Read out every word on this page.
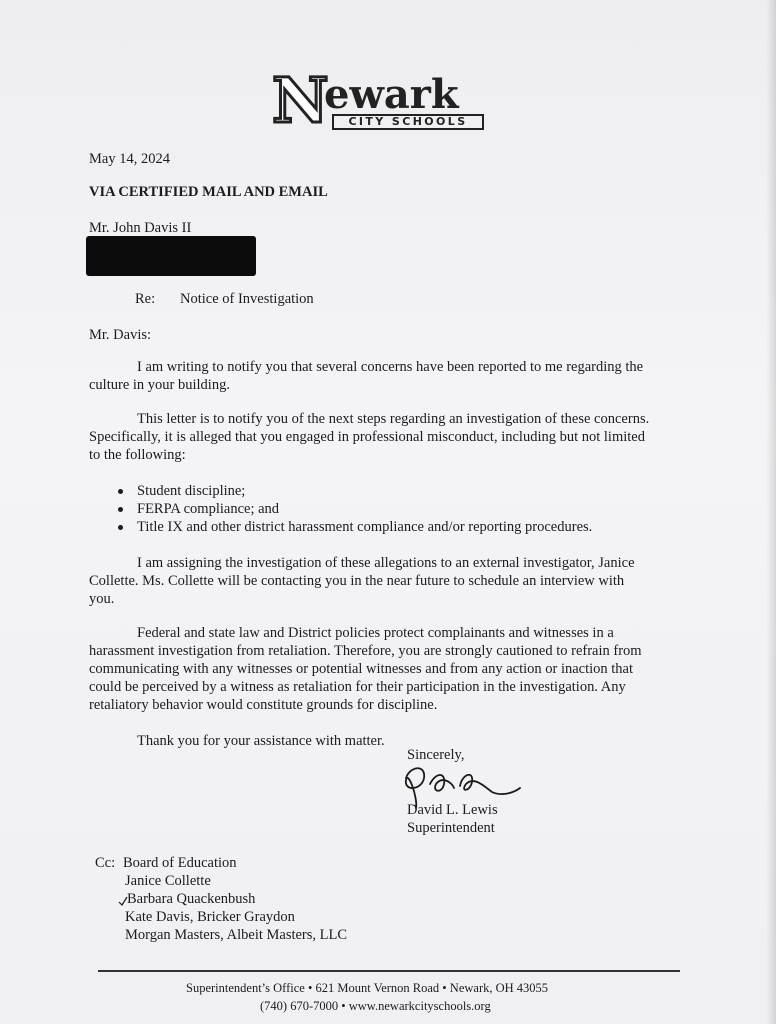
N
ewark
CITY SCHOOLS
May 14, 2024
VIA CERTIFIED MAIL AND EMAIL
Mr. John Davis II
Re: Notice of Investigation
Mr. Davis:
I am writing to notify you that several concerns have been reported to me regarding the
culture in your building.
This letter is to notify you of the next steps regarding an investigation of these concerns.
Specifically, it is alleged that you engaged in professional misconduct, including but not limited
to the following:
Student discipline;
FERPA compliance; and
Title IX and other district harassment compliance and/or reporting procedures.
I am assigning the investigation of these allegations to an external investigator, Janice
Collette. Ms. Collette will be contacting you in the near future to schedule an interview with
you.
Federal and state law and District policies protect complainants and witnesses in a
harassment investigation from retaliation. Therefore, you are strongly cautioned to refrain from
communicating with any witnesses or potential witnesses and from any action or inaction that
could be perceived by a witness as retaliation for their participation in the investigation. Any
retaliatory behavior would constitute grounds for discipline.
Thank you for your assistance with matter.
Sincerely,
David L. Lewis
Superintendent
Cc: Board of Education
Janice Collette
Barbara Quackenbush
Kate Davis, Bricker Graydon
Morgan Masters, Albeit Masters, LLC
Superintendent’s Office • 621 Mount Vernon Road • Newark, OH 43055
(740) 670-7000 • www.newarkcityschools.org
